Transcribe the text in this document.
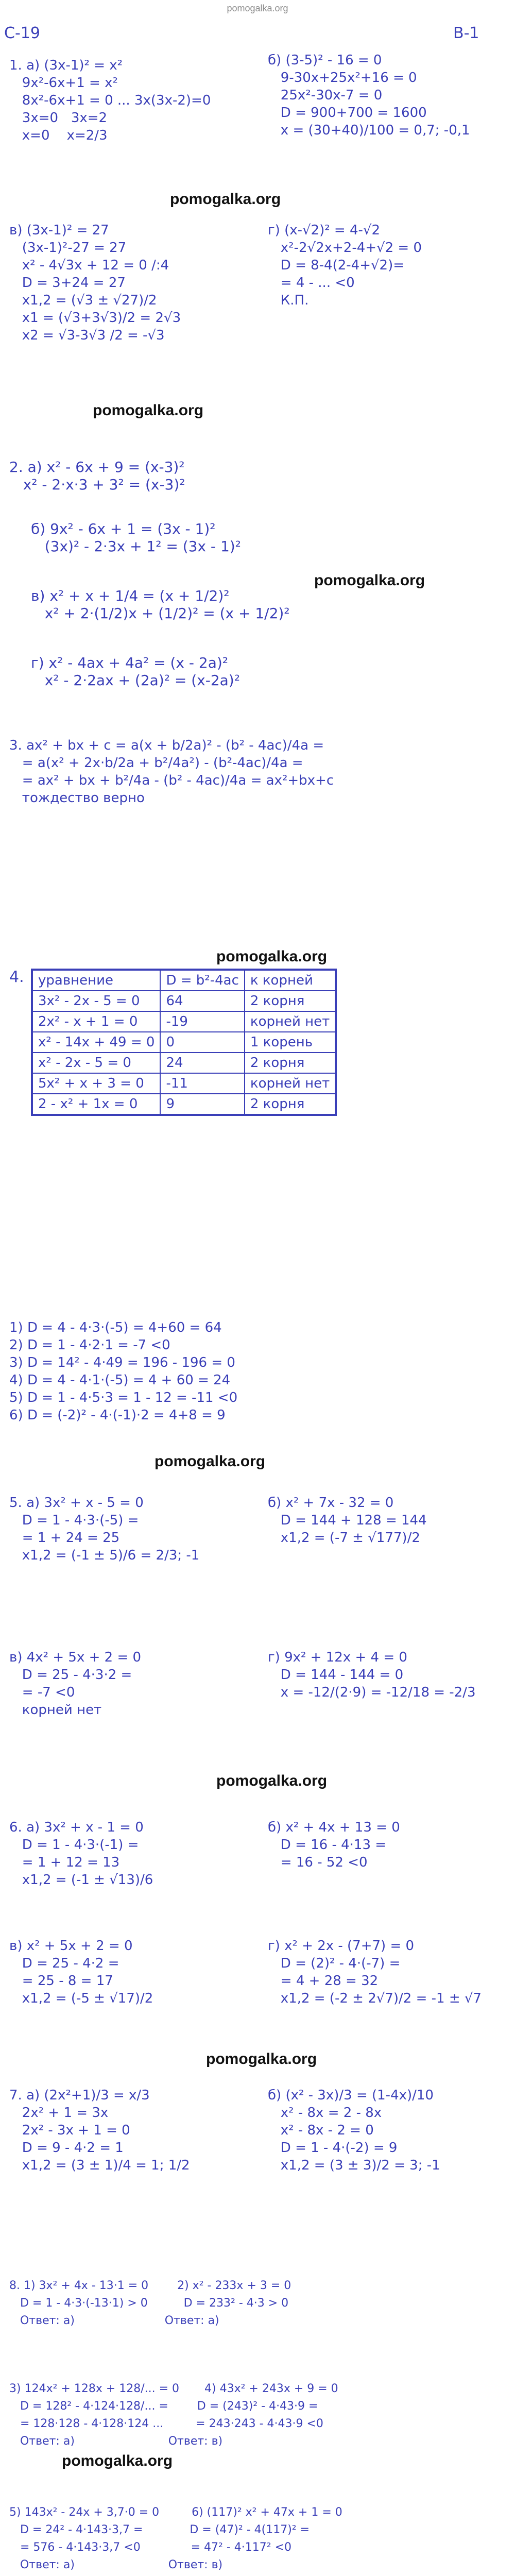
pomogalka.org
C-19	B-1
1. a) (3x-1)² = x²
9x²-6x+1 = x²
8x²-6x+1 = 0 ... 3x(3x-2)=0
3x=0   3x=2
x=0    x=2/3
б) (3-5)² - 16 = 0
9-30x+25x²+16 = 0
25x²-30x-7 = 0
D = 900+700 = 1600
x = (30+40)/100 = 0,7; -0,1
в) (3x-1)² = 27
(3x-1)²-27 = 27
x² - 4√3x + 12 = 0 /:4
D = 3+24 = 27
x1,2 = (√3 ± √27)/2
x1 = (√3+3√3)/2 = 2√3
x2 = √3-3√3 /2 = -√3
г) (x-√2)² = 4-√2
x²-2√2x+2-4+√2 = 0
D = 8-4(2-4+√2)=
= 4 - ... <0
К.П.
2. a) x² - 6x + 9 = (x-3)²
x² - 2·x·3 + 3² = (x-3)²
б) 9x² - 6x + 1 = (3x - 1)²
(3x)² - 2·3x + 1² = (3x - 1)²
в) x² + x + 1/4 = (x + 1/2)²
x² + 2·(1/2)x + (1/2)² = (x + 1/2)²
г) x² - 4ax + 4a² = (x - 2a)²
x² - 2·2ax + (2a)² = (x-2a)²
3. ax² + bx + c = a(x + b/2a)² - (b² - 4ac)/4a =
= a(x² + 2x·b/2a + b²/4a²) - (b²-4ac)/4a =
= ax² + bx + b²/4a - (b² - 4ac)/4a = ax²+bx+c
тождество верно
4. уравнение	D = b²-4ac	к корней
3x² - 2x - 5 = 0	64	2 корня
2x² - x + 1 = 0	-19	корней нет
x² - 14x + 49 = 0	0	1 корень
x² - 2x - 5 = 0	24	2 корня
5x² + x + 3 = 0	-11	корней нет
2 - x² + 1x = 0	9	2 корня
1) D = 4 - 4·3·(-5) = 4+60 = 64
2) D = 1 - 4·2·1 = -7 <0
3) D = 14² - 4·49 = 196 - 196 = 0
4) D = 4 - 4·1·(-5) = 4 + 60 = 24
5) D = 1 - 4·5·3 = 1 - 12 = -11 <0
6) D = (-2)² - 4·(-1)·2 = 4+8 = 9
5. a) 3x² + x - 5 = 0
D = 1 - 4·3·(-5) =
= 1 + 24 = 25
x1,2 = (-1 ± 5)/6 = 2/3; -1
б) x² + 7x - 32 = 0
D = 144 + 128 = 144
x1,2 = (-7 ± √177)/2
в) 4x² + 5x + 2 = 0
D = 25 - 4·3·2 =
= -7 <0
корней нет
г) 9x² + 12x + 4 = 0
D = 144 - 144 = 0
x = -12/(2·9) = -12/18 = -2/3
6. a) 3x² + x - 1 = 0
D = 1 - 4·3·(-1) =
= 1 + 12 = 13
x1,2 = (-1 ± √13)/6
б) x² + 4x + 13 = 0
D = 16 - 4·13 =
= 16 - 52 <0
в) x² + 5x + 2 = 0
D = 25 - 4·2 =
= 25 - 8 = 17
x1,2 = (-5 ± √17)/2
г) x² + 2x - (7+7) = 0
D = (2)² - 4·(-7) =
= 4 + 28 = 32
x1,2 = (-2 ± 2√7)/2 = -1 ± √7
7. a) (2x²+1)/3 = x/3
2x² + 1 = 3x
2x² - 3x + 1 = 0
D = 9 - 4·2 = 1
x1,2 = (3 ± 1)/4 = 1; 1/2
б) (x² - 3x)/3 = (1-4x)/10
x² - 8x = 2 - 8x
x² - 8x - 2 = 0
D = 1 - 4·(-2) = 9
x1,2 = (3 ± 3)/2 = 3; -1
8. 1) 3x² + 4x - 13·1 = 0        2) x² - 233x + 3 = 0
D = 1 - 4·3·(-13·1) > 0          D = 233² - 4·3 > 0
Ответ: а)                         Ответ: а)
3) 124x² + 128x + 128/... = 0       4) 43x² + 243x + 9 = 0
D = 128² - 4·124·128/... =        D = (243)² - 4·43·9 =
= 128·128 - 4·128·124 ...         = 243·243 - 4·43·9 <0
Ответ: а)                          Ответ: в)
5) 143x² - 24x + 3,7·0 = 0         6) (117)² x² + 47x + 1 = 0
D = 24² - 4·143·3,7 =             D = (47)² - 4(117)² =
= 576 - 4·143·3,7 <0              = 47² - 4·117² <0
Ответ: а)                          Ответ: в)

pomogalka.org
pomogalka.org
pomogalka.org
pomogalka.org
pomogalka.org
pomogalka.org
pomogalka.org
pomogalka.org
